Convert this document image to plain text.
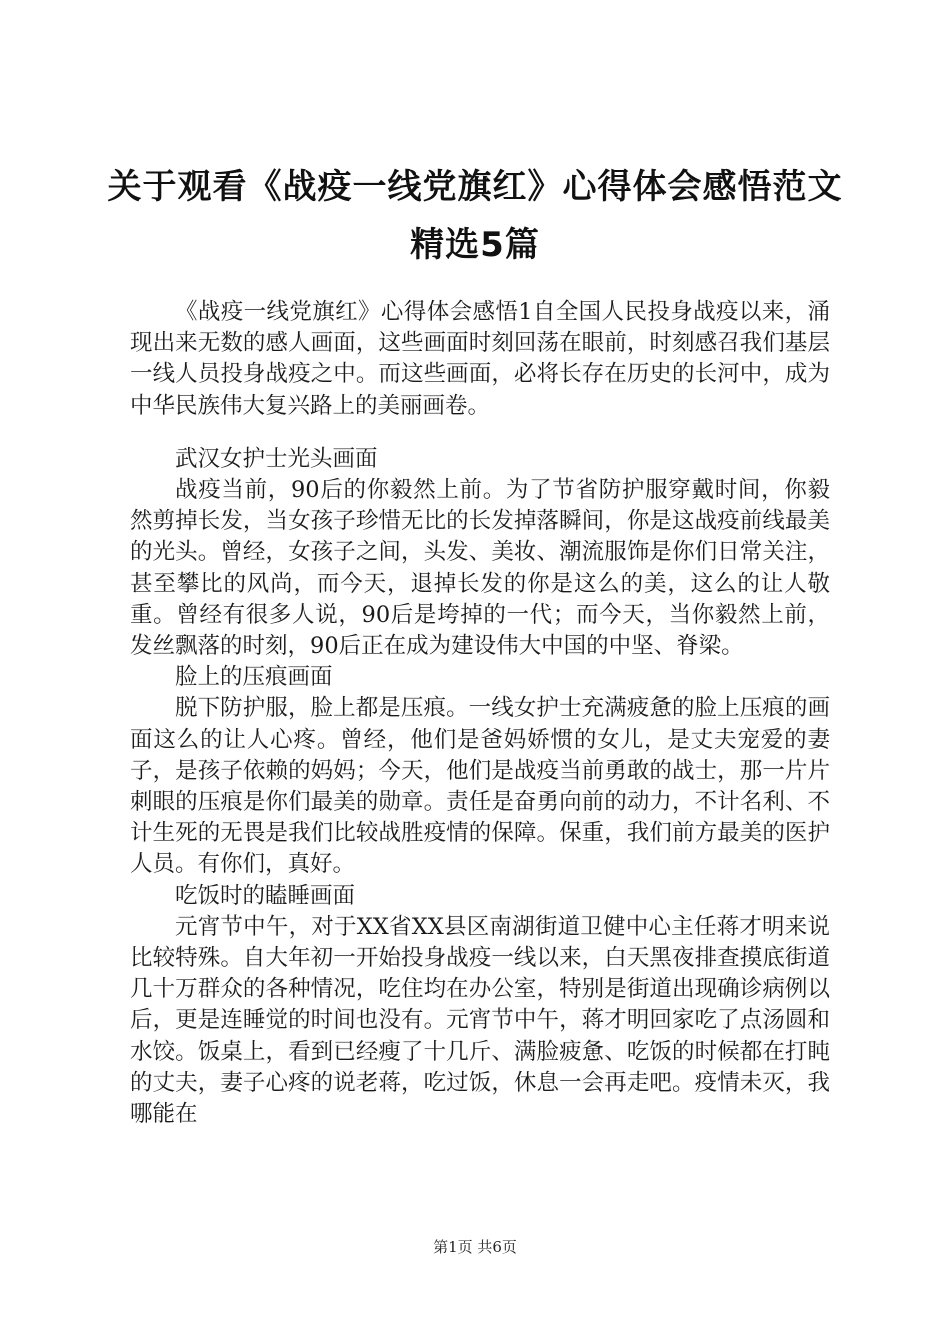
关于观看《战疫一线党旗红》心得体会感悟范文精选5篇

《战疫一线党旗红》心得体会感悟1自全国人民投身战疫以来，涌现出来无数的感人画面，这些画面时刻回荡在眼前，时刻感召我们基层一线人员投身战疫之中。而这些画面，必将长存在历史的长河中，成为中华民族伟大复兴路上的美丽画卷。

武汉女护士光头画面

战疫当前，90后的你毅然上前。为了节省防护服穿戴时间，你毅然剪掉长发，当女孩子珍惜无比的长发掉落瞬间，你是这战疫前线最美的光头。曾经，女孩子之间，头发、美妆、潮流服饰是你们日常关注，甚至攀比的风尚，而今天，退掉长发的你是这么的美，这么的让人敬重。曾经有很多人说，90后是垮掉的一代；而今天，当你毅然上前，发丝飘落的时刻，90后正在成为建设伟大中国的中坚、脊梁。

脸上的压痕画面

脱下防护服，脸上都是压痕。一线女护士充满疲惫的脸上压痕的画面这么的让人心疼。曾经，他们是爸妈娇惯的女儿，是丈夫宠爱的妻子，是孩子依赖的妈妈；今天，他们是战疫当前勇敢的战士，那一片片刺眼的压痕是你们最美的勋章。责任是奋勇向前的动力，不计名利、不计生死的无畏是我们比较战胜疫情的保障。保重，我们前方最美的医护人员。有你们，真好。

吃饭时的瞌睡画面

元宵节中午，对于XX省XX县区南湖街道卫健中心主任蒋才明来说比较特殊。自大年初一开始投身战疫一线以来，白天黑夜排查摸底街道几十万群众的各种情况，吃住均在办公室，特别是街道出现确诊病例以后，更是连睡觉的时间也没有。元宵节中午，蒋才明回家吃了点汤圆和水饺。饭桌上，看到已经瘦了十几斤、满脸疲惫、吃饭的时候都在打盹的丈夫，妻子心疼的说老蒋，吃过饭，休息一会再走吧。疫情未灭，我哪能在

第1页 共6页
